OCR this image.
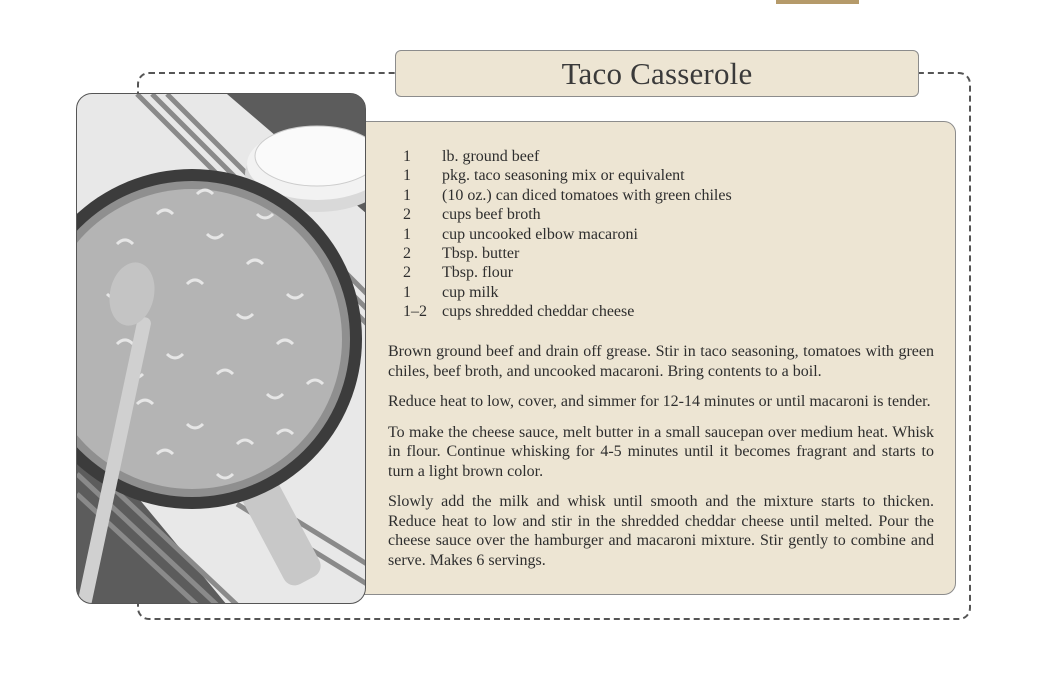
Taco Casserole
1	lb. ground beef
1	pkg. taco seasoning mix or equivalent
1	(10 oz.) can diced tomatoes with green chiles
2	cups beef broth
1	cup uncooked elbow macaroni
2	Tbsp. butter
2	Tbsp. flour
1	cup milk
1–2 cups shredded cheddar cheese

Brown ground beef and drain off grease. Stir in taco seasoning, tomatoes with green chiles, beef broth, and uncooked macaroni. Bring contents to a boil.

Reduce heat to low, cover, and simmer for 12-14 minutes or until macaroni is tender.

To make the cheese sauce, melt butter in a small saucepan over medium heat. Whisk in flour. Continue whisking for 4-5 minutes until it becomes fragrant and starts to turn a light brown color.

Slowly add the milk and whisk until smooth and the mixture starts to thicken. Reduce heat to low and stir in the shredded cheddar cheese until melted. Pour the cheese sauce over the hamburger and macaroni mixture. Stir gently to combine and serve. Makes 6 servings.
